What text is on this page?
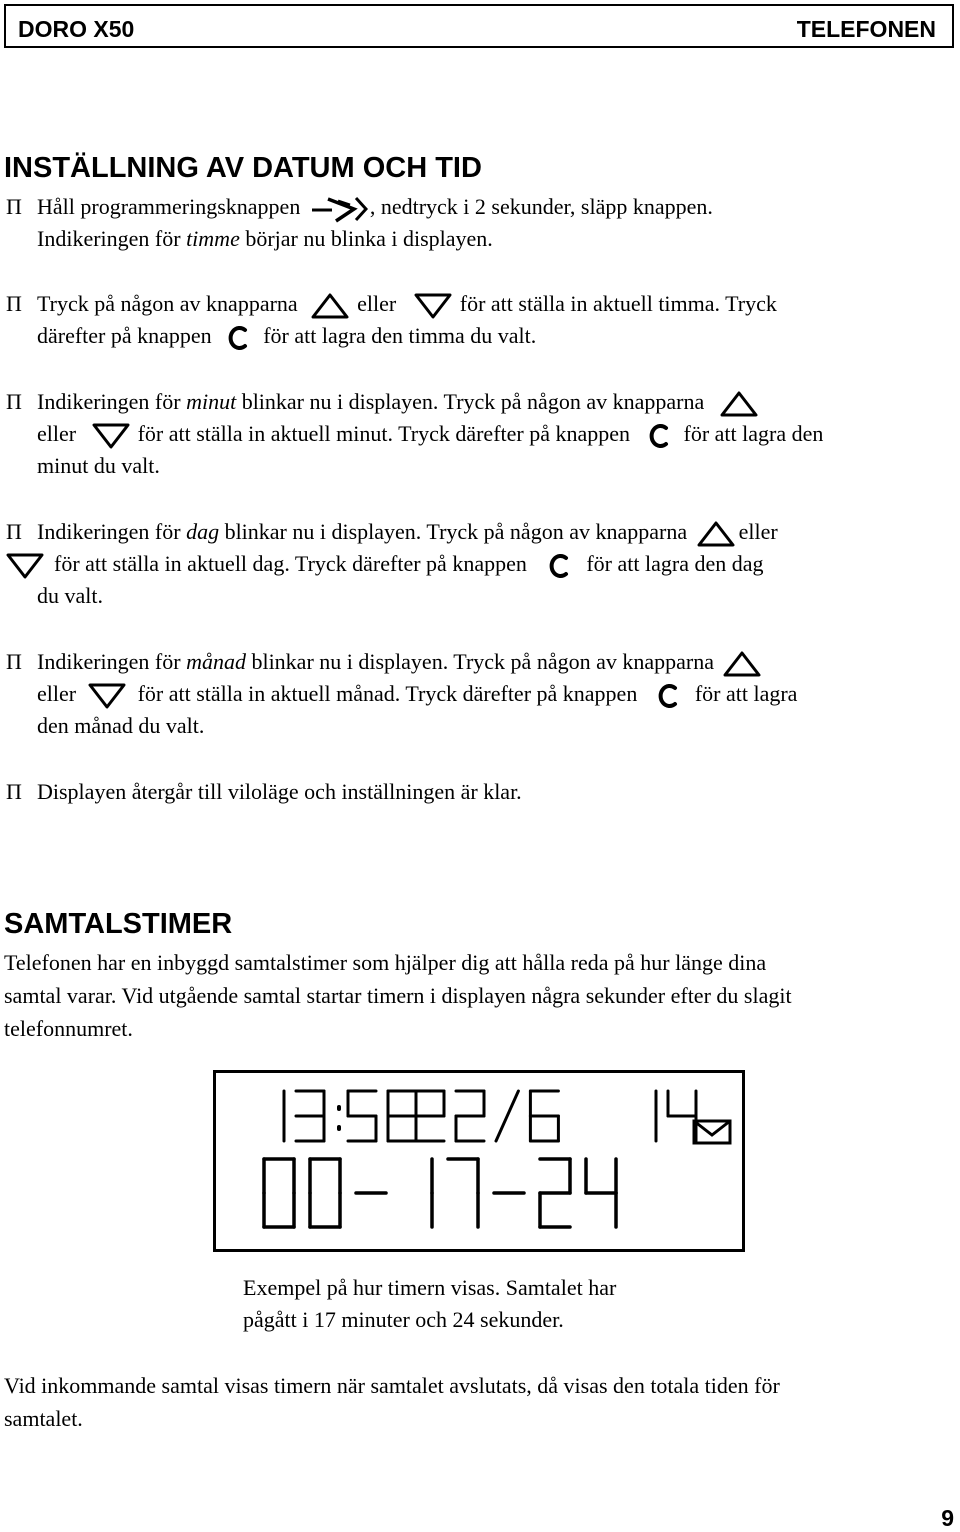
DORO X50	TELEFONEN
INSTÄLLNING AV DATUM OCH TID
Π Håll programmeringsknappen	, nedtryck i 2 sekunder, släpp knappen.
Indikeringen för timme börjar nu blinka i displayen.
Π Tryck på någon av knapparna	eller	för att ställa in aktuell timma. Tryck
därefter på knappen för att lagra den timma du valt.
Π Indikeringen för minut blinkar nu i displayen. Tryck på någon av knapparna
eller	för att ställa in aktuell minut. Tryck därefter på knappen för att lagra den
minut du valt.
Π Indikeringen för dag blinkar nu i displayen. Tryck på någon av knapparna eller
för att ställa in aktuell dag. Tryck därefter på knappen	för att lagra den dag
du valt.
Π Indikeringen för månad blinkar nu i displayen. Tryck på någon av knapparna
eller	för att ställa in aktuell månad. Tryck därefter på knappen	för att lagra
den månad du valt.
Π Displayen återgår till viloläge och inställningen är klar.
SAMTALSTIMER
Telefonen har en inbyggd samtalstimer som hjälper dig att hålla reda på hur länge dina
samtal varar. Vid utgående samtal startar timern i displayen några sekunder efter du slagit
telefonnumret.
Exempel på hur timern visas. Samtalet har
pågått i 17 minuter och 24 sekunder.
Vid inkommande samtal visas timern när samtalet avslutats, då visas den totala tiden för
samtalet.
9
